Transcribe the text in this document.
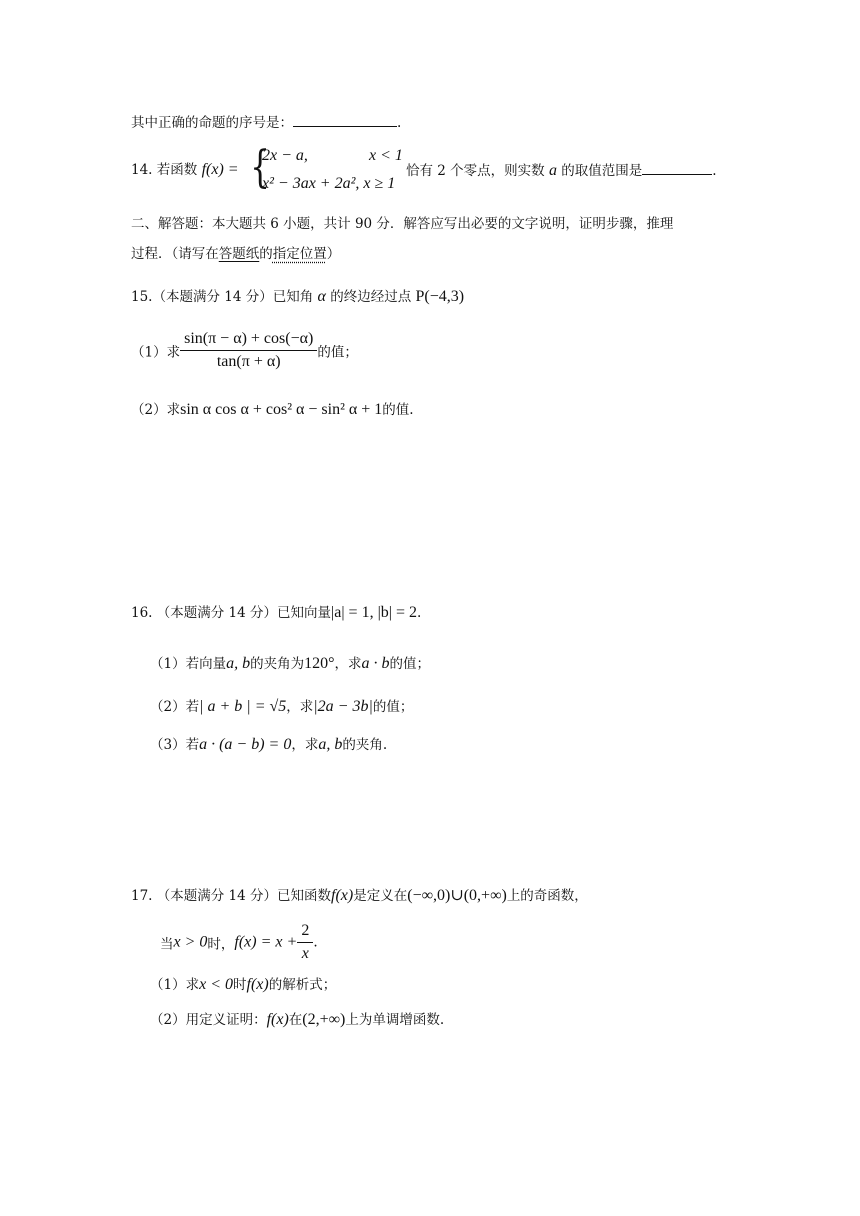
其中正确的命题的序号是：	.
14. 若函数 f(x) = {
2x − a,	x < 1
x² − 3ax + 2a², x ≥ 1
恰有 2 个零点，则实数 a 的取值范围是	.
二、解答题：本大题共 6 小题，共计 90 分．解答应写出必要的文字说明，证明步骤，推理
过程．（请写在答题纸的指定位置）
15.（本题满分 14 分）已知角 α 的终边经过点 P(−4,3)
（1）求 $\frac{\sin(\pi - \alpha) + \cos(-\alpha)}{\tan(\pi + \alpha)}$ 的值；
（2）求sin α cos α + cos² α − sin² α + 1的值.
16. （本题满分 14 分）已知向量|a| = 1, |b| = 2.
（1）若向量a, b的夹角为120°，求a · b的值；
（2）若| a + b | = √5，求|2a − 3b|的值；
（3）若a · (a − b) = 0，求a, b的夹角.
17. （本题满分 14 分）已知函数f(x)是定义在(−∞,0)∪(0,+∞)上的奇函数，
当x > 0时，$f(x) = x + \frac{2}{x}$ .
（1）求x < 0时f(x)的解析式；
（2）用定义证明：f(x)在(2,+∞)上为单调增函数.
